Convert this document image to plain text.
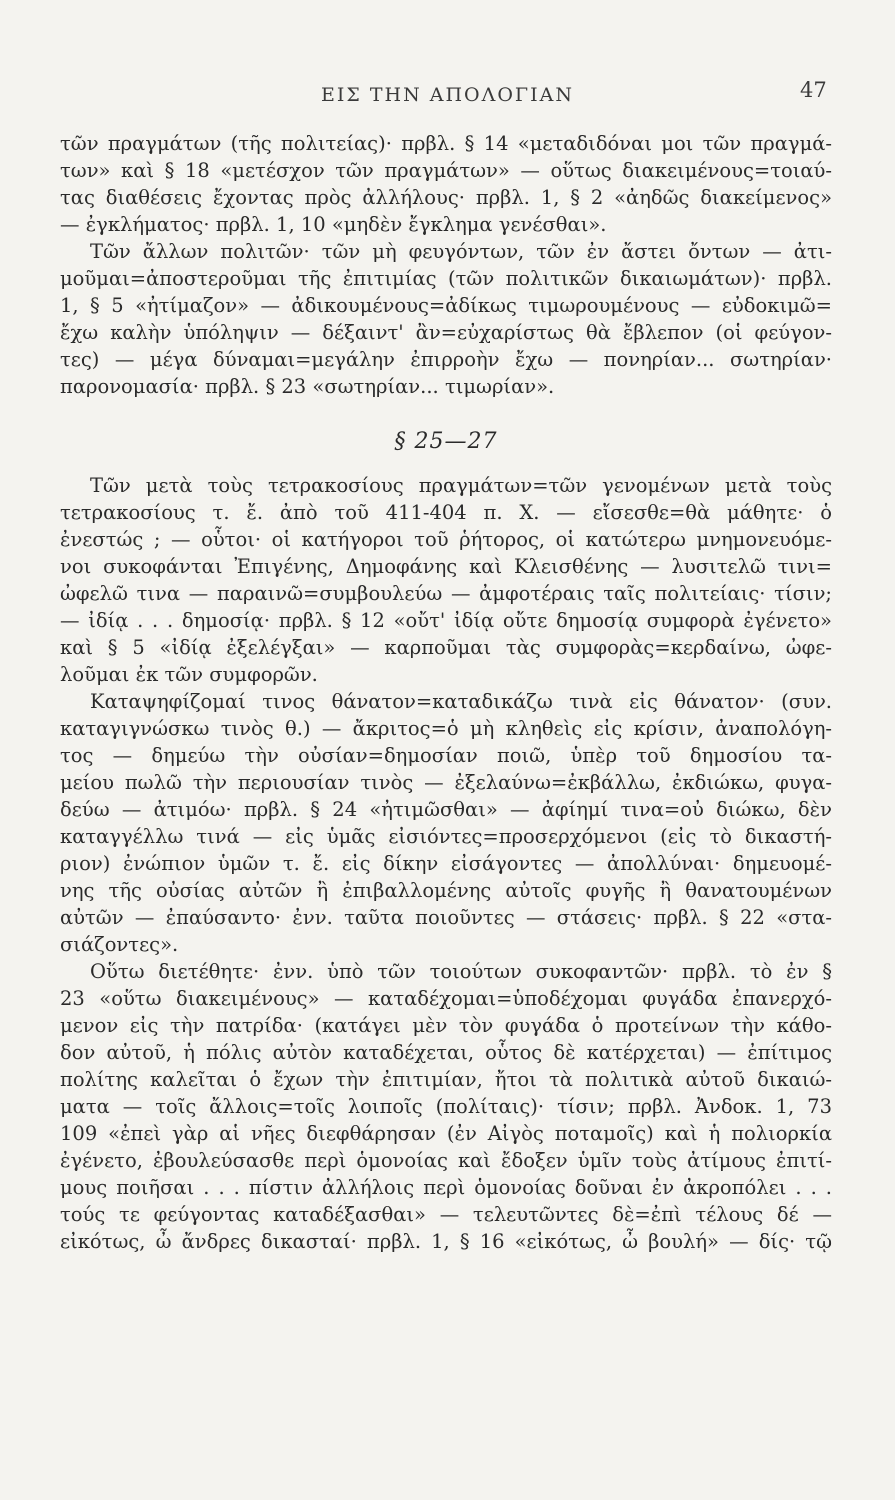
ΕΙΣ ΤΗΝ ΑΠΟΛΟΓΙΑΝ	47
τῶν πραγμάτων (τῆς πολιτείας)· πρβλ. § 14 «μεταδιδόναι μοι τῶν πραγμά-
των» καὶ § 18 «μετέσχον τῶν πραγμάτων» — οὕτως διακειμένους=τοιαύ-
τας διαθέσεις ἔχοντας πρὸς ἀλλήλους· πρβλ. 1, § 2 «ἀηδῶς διακείμενος»
— ἐγκλήματος· πρβλ. 1, 10 «μηδὲν ἔγκλημα γενέσθαι».
Τῶν ἄλλων πολιτῶν· τῶν μὴ φευγόντων, τῶν ἐν ἄστει ὄντων — ἀτι-
μοῦμαι=ἀποστεροῦμαι τῆς ἐπιτιμίας (τῶν πολιτικῶν δικαιωμάτων)· πρβλ.
1, § 5 «ἠτίμαζον» — ἀδικουμένους=ἀδίκως τιμωρουμένους — εὐδοκιμῶ=
ἔχω καλὴν ὑπόληψιν — δέξαιντ' ἂν=εὐχαρίστως θὰ ἔβλεπον (οἱ φεύγον-
τες) — μέγα δύναμαι=μεγάλην ἐπιρροὴν ἔχω — πονηρίαν... σωτηρίαν·
παρονομασία· πρβλ. § 23 «σωτηρίαν... τιμωρίαν».
§ 25—27
Τῶν μετὰ τοὺς τετρακοσίους πραγμάτων=τῶν γενομένων μετὰ τοὺς
τετρακοσίους τ. ἔ. ἀπὸ τοῦ 411-404 π. Χ. — εἴσεσθε=θὰ μάθητε· ὁ
ἐνεστώς ; — οὗτοι· οἱ κατήγοροι τοῦ ῥήτορος, οἱ κατώτερω μνημονευόμε-
νοι συκοφάνται Ἐπιγένης, Δημοφάνης καὶ Κλεισθένης — λυσιτελῶ τινι=
ὠφελῶ τινα — παραινῶ=συμβουλεύω — ἀμφοτέραις ταῖς πολιτείαις· τίσιν;
— ἰδίᾳ . . . δημοσίᾳ· πρβλ. § 12 «οὔτ' ἰδίᾳ οὔτε δημοσίᾳ συμφορὰ ἐγένετο»
καὶ § 5 «ἰδίᾳ ἐξελέγξαι» — καρποῦμαι τὰς συμφορὰς=κερδαίνω, ὠφε-
λοῦμαι ἐκ τῶν συμφορῶν.
Καταψηφίζομαί τινος θάνατον=καταδικάζω τινὰ εἰς θάνατον· (συν.
καταγιγνώσκω τινὸς θ.) — ἄκριτος=ὁ μὴ κληθεὶς εἰς κρίσιν, ἀναπολόγη-
τος — δημεύω τὴν οὐσίαν=δημοσίαν ποιῶ, ὑπὲρ τοῦ δημοσίου τα-
μείου πωλῶ τὴν περιουσίαν τινὸς — ἐξελαύνω=ἐκβάλλω, ἐκδιώκω, φυγα-
δεύω — ἀτιμόω· πρβλ. § 24 «ἠτιμῶσθαι» — ἀφίημί τινα=οὐ διώκω, δὲν
καταγγέλλω τινά — εἰς ὑμᾶς εἰσιόντες=προσερχόμενοι (εἰς τὸ δικαστή-
ριον) ἐνώπιον ὑμῶν τ. ἔ. εἰς δίκην εἰσάγοντες — ἀπολλύναι· δημευομέ-
νης τῆς οὐσίας αὐτῶν ἢ ἐπιβαλλομένης αὐτοῖς φυγῆς ἢ θανατουμένων
αὐτῶν — ἐπαύσαντο· ἐνν. ταῦτα ποιοῦντες — στάσεις· πρβλ. § 22 «στα-
σιάζοντες».
Οὕτω διετέθητε· ἐνν. ὑπὸ τῶν τοιούτων συκοφαντῶν· πρβλ. τὸ ἐν §
23 «οὕτω διακειμένους» — καταδέχομαι=ὑποδέχομαι φυγάδα ἐπανερχό-
μενον εἰς τὴν πατρίδα· (κατάγει μὲν τὸν φυγάδα ὁ προτείνων τὴν κάθο-
δον αὐτοῦ, ἡ πόλις αὐτὸν καταδέχεται, οὗτος δὲ κατέρχεται) — ἐπίτιμος
πολίτης καλεῖται ὁ ἔχων τὴν ἐπιτιμίαν, ἤτοι τὰ πολιτικὰ αὐτοῦ δικαιώ-
ματα — τοῖς ἄλλοις=τοῖς λοιποῖς (πολίταις)· τίσιν; πρβλ. Ἀνδοκ. 1, 73
109 «ἐπεὶ γὰρ αἱ νῆες διεφθάρησαν (ἐν Αἰγὸς ποταμοῖς) καὶ ἡ πολιορκία
ἐγένετο, ἐβουλεύσασθε περὶ ὁμονοίας καὶ ἔδοξεν ὑμῖν τοὺς ἀτίμους ἐπιτί-
μους ποιῆσαι . . . πίστιν ἀλλήλοις περὶ ὁμονοίας δοῦναι ἐν ἀκροπόλει . . .
τούς τε φεύγοντας καταδέξασθαι» — τελευτῶντες δὲ=ἐπὶ τέλους δέ —
εἰκότως, ὦ ἄνδρες δικασταί· πρβλ. 1, § 16 «εἰκότως, ὦ βουλή» — δίς· τῷ
